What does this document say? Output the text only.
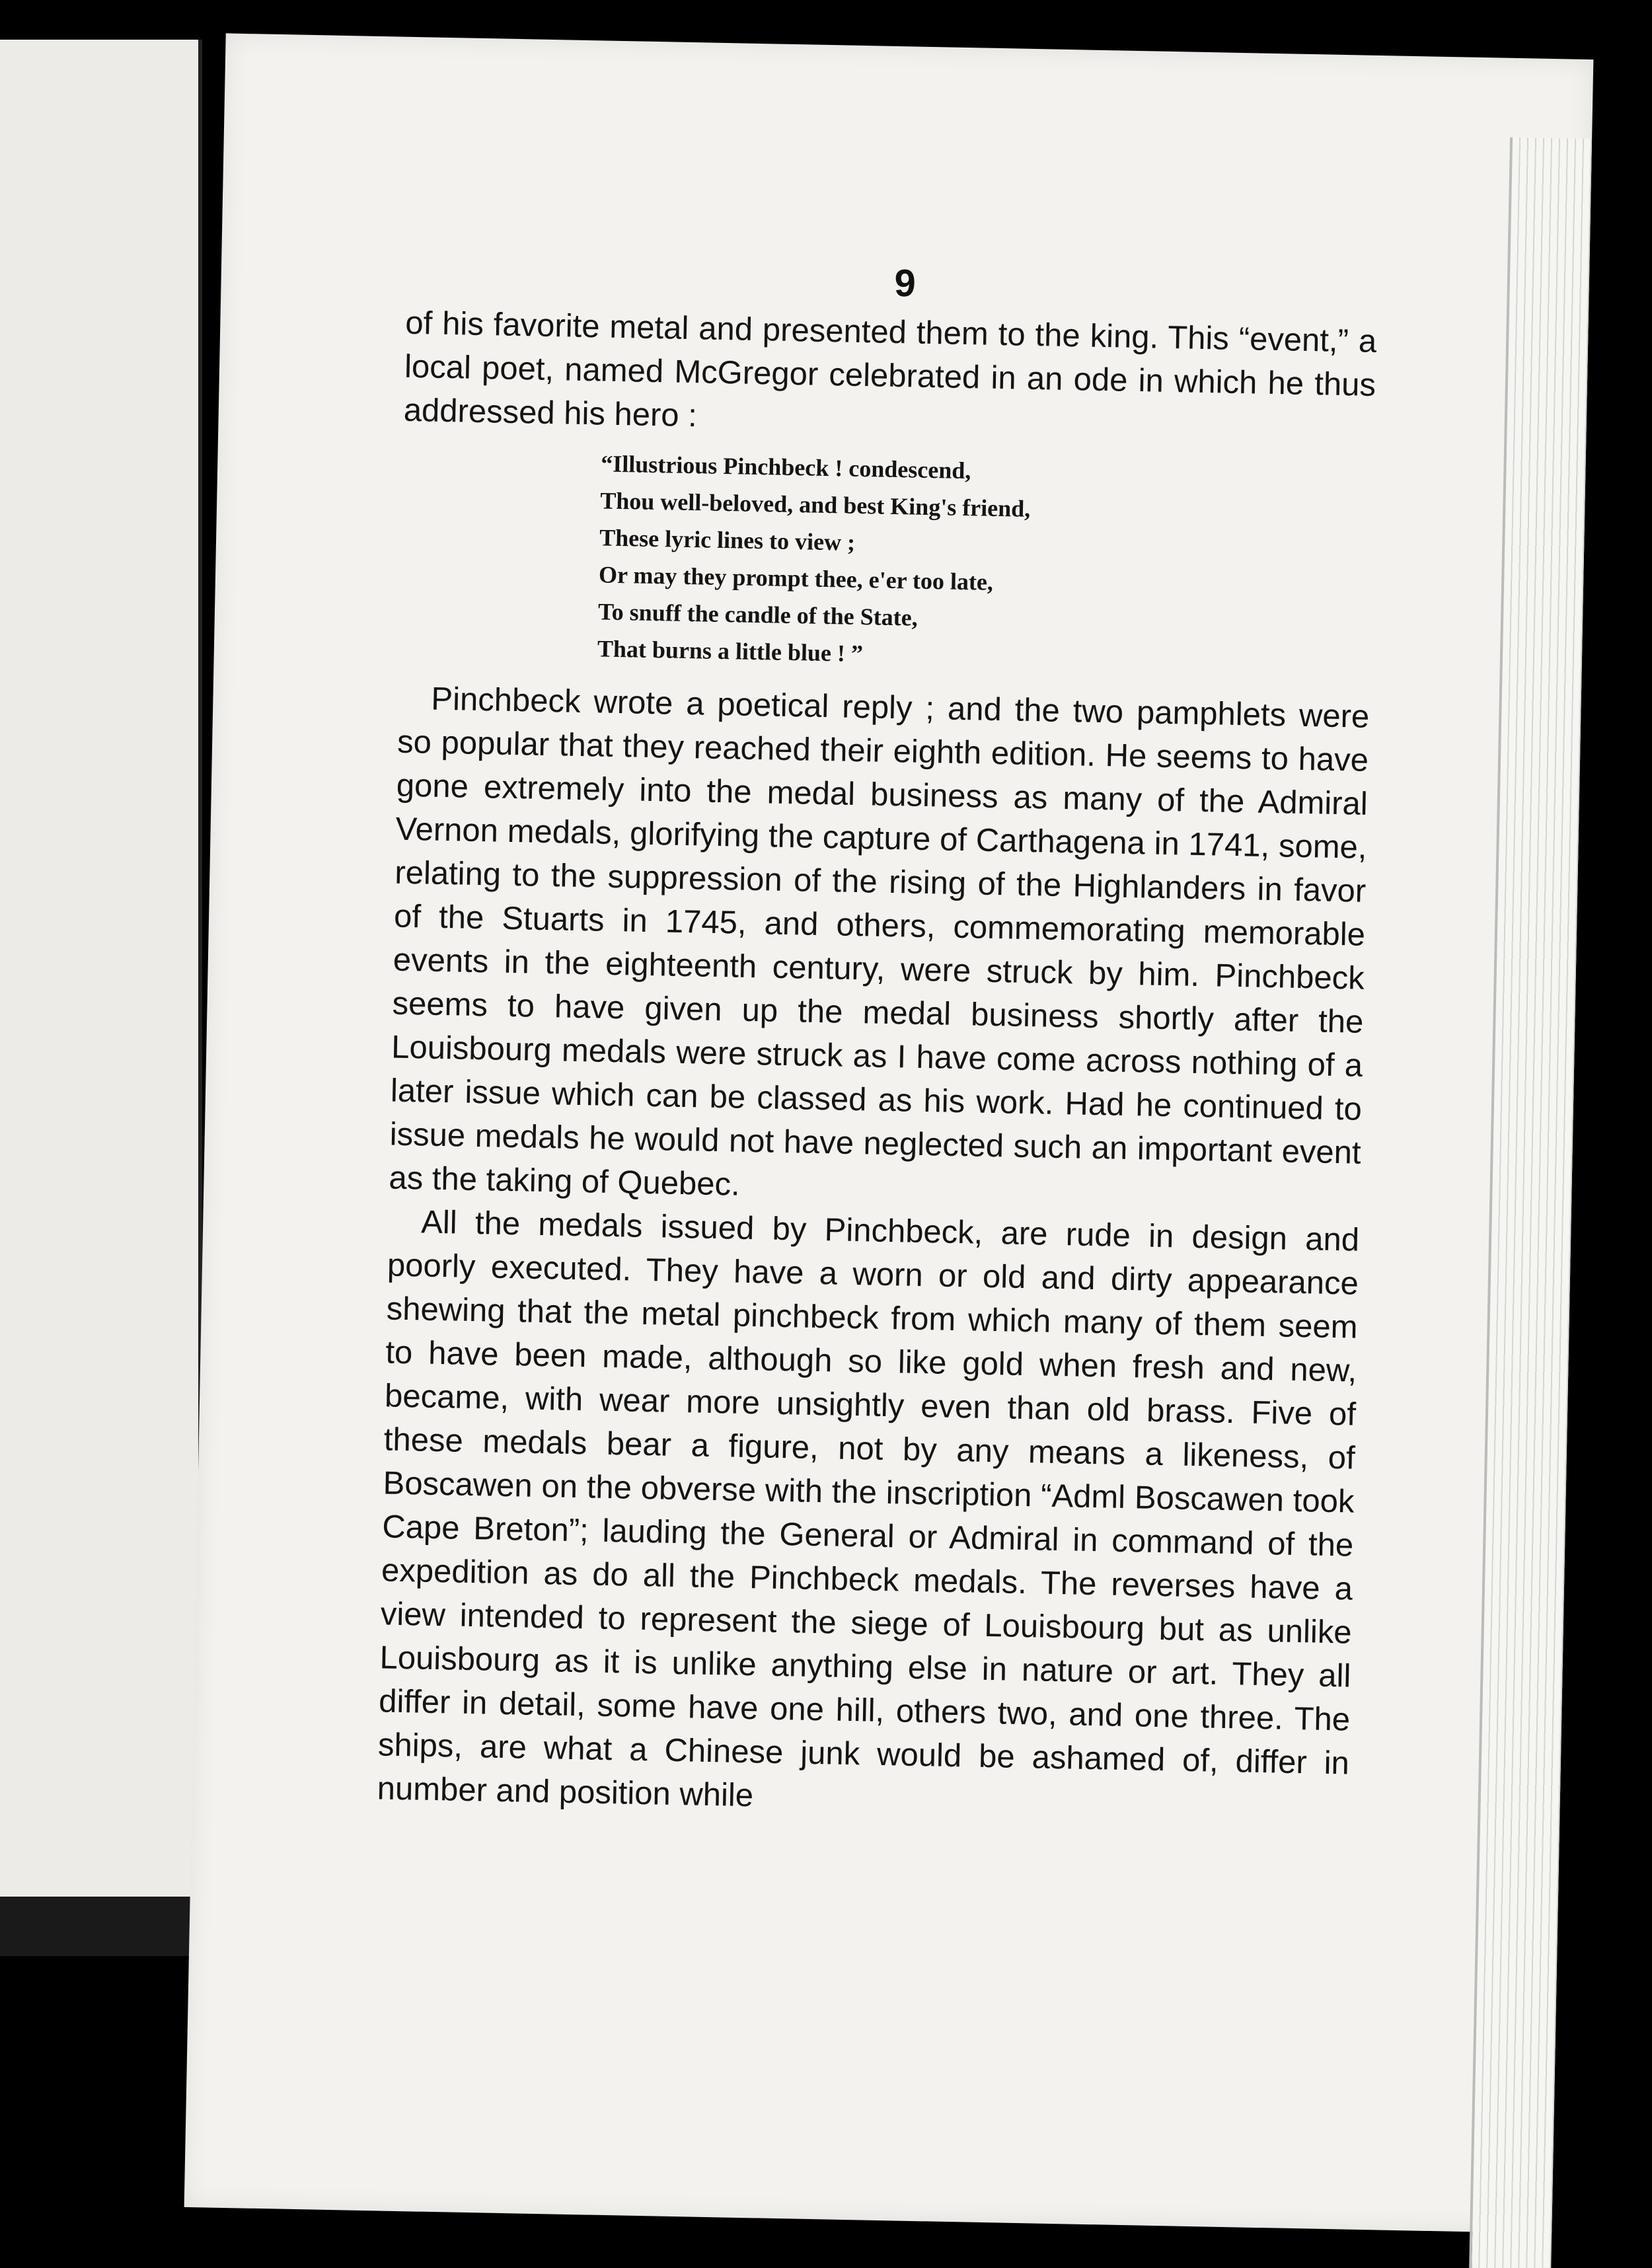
9

of his favorite metal and presented them to the king. This “event,” a local poet, named McGregor celebrated in an ode in which he thus addressed his hero :

“Illustrious Pinchbeck ! condescend,
Thou well-beloved, and best King's friend,
These lyric lines to view ;
Or may they prompt thee, e'er too late,
To snuff the candle of the State,
That burns a little blue ! ”

Pinchbeck wrote a poetical reply ; and the two pamphlets were so popular that they reached their eighth edition. He seems to have gone extremely into the medal business as many of the Admiral Vernon medals, glorifying the capture of Carthagena in 1741, some, relating to the suppression of the rising of the Highlanders in favor of the Stuarts in 1745, and others, commemorating memorable events in the eighteenth century, were struck by him. Pinchbeck seems to have given up the medal business shortly after the Louisbourg medals were struck as I have come across nothing of a later issue which can be classed as his work. Had he continued to issue medals he would not have neglected such an important event as the taking of Quebec.

All the medals issued by Pinchbeck, are rude in design and poorly executed. They have a worn or old and dirty appearance shewing that the metal pinchbeck from which many of them seem to have been made, although so like gold when fresh and new, became, with wear more unsightly even than old brass. Five of these medals bear a figure, not by any means a likeness, of Boscawen on the obverse with the inscription “Adml Boscawen took Cape Breton”; lauding the General or Admiral in command of the expedition as do all the Pinchbeck medals. The reverses have a view intended to represent the siege of Louisbourg but as unlike Louisbourg as it is unlike anything else in nature or art. They all differ in detail, some have one hill, others two, and one three. The ships, are what a Chinese junk would be ashamed of, differ in number and position while
